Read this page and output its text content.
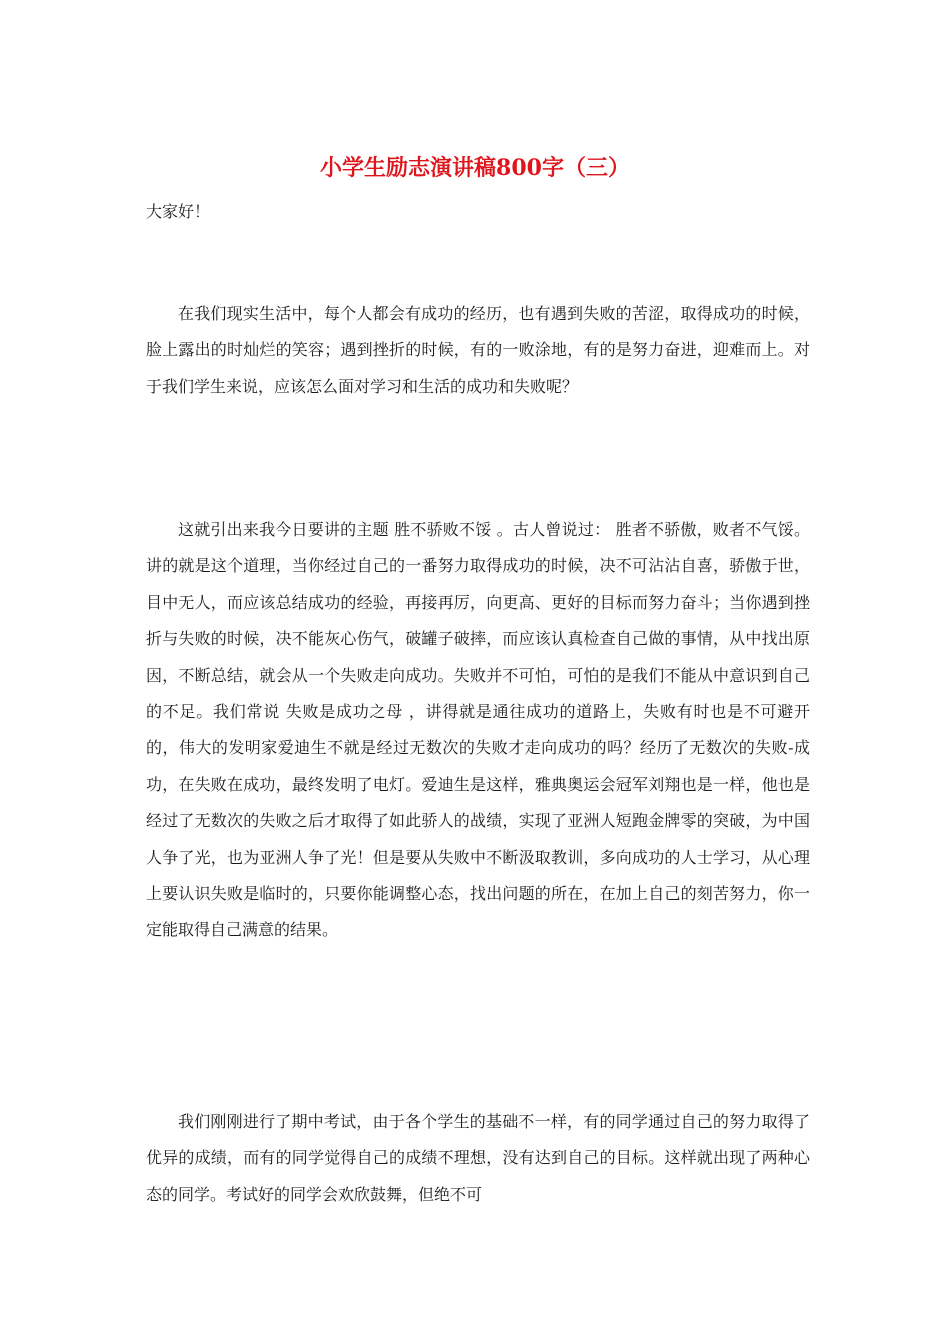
小学生励志演讲稿800字（三）

大家好！

在我们现实生活中，每个人都会有成功的经历，也有遇到失败的苦涩，取得成功的时候，脸上露出的时灿烂的笑容；遇到挫折的时候，有的一败涂地，有的是努力奋进，迎难而上。对于我们学生来说，应该怎么面对学习和生活的成功和失败呢？

这就引出来我今日要讲的主题 胜不骄败不馁 。古人曾说过： 胜者不骄傲，败者不气馁。 讲的就是这个道理，当你经过自己的一番努力取得成功的时候，决不可沾沾自喜，骄傲于世，目中无人，而应该总结成功的经验，再接再厉，向更高、更好的目标而努力奋斗；当你遇到挫折与失败的时候，决不能灰心伤气，破罐子破摔，而应该认真检查自己做的事情，从中找出原因，不断总结，就会从一个失败走向成功。失败并不可怕，可怕的是我们不能从中意识到自己的不足。我们常说 失败是成功之母 ，讲得就是通往成功的道路上，失败有时也是不可避开的，伟大的发明家爱迪生不就是经过无数次的失败才走向成功的吗？经历了无数次的失败-成功，在失败在成功，最终发明了电灯。爱迪生是这样，雅典奥运会冠军刘翔也是一样，他也是经过了无数次的失败之后才取得了如此骄人的战绩，实现了亚洲人短跑金牌零的突破，为中国人争了光，也为亚洲人争了光！但是要从失败中不断汲取教训，多向成功的人士学习，从心理上要认识失败是临时的，只要你能调整心态，找出问题的所在，在加上自己的刻苦努力，你一定能取得自己满意的结果。

我们刚刚进行了期中考试，由于各个学生的基础不一样，有的同学通过自己的努力取得了优异的成绩，而有的同学觉得自己的成绩不理想，没有达到自己的目标。这样就出现了两种心态的同学。考试好的同学会欢欣鼓舞，但绝不可
